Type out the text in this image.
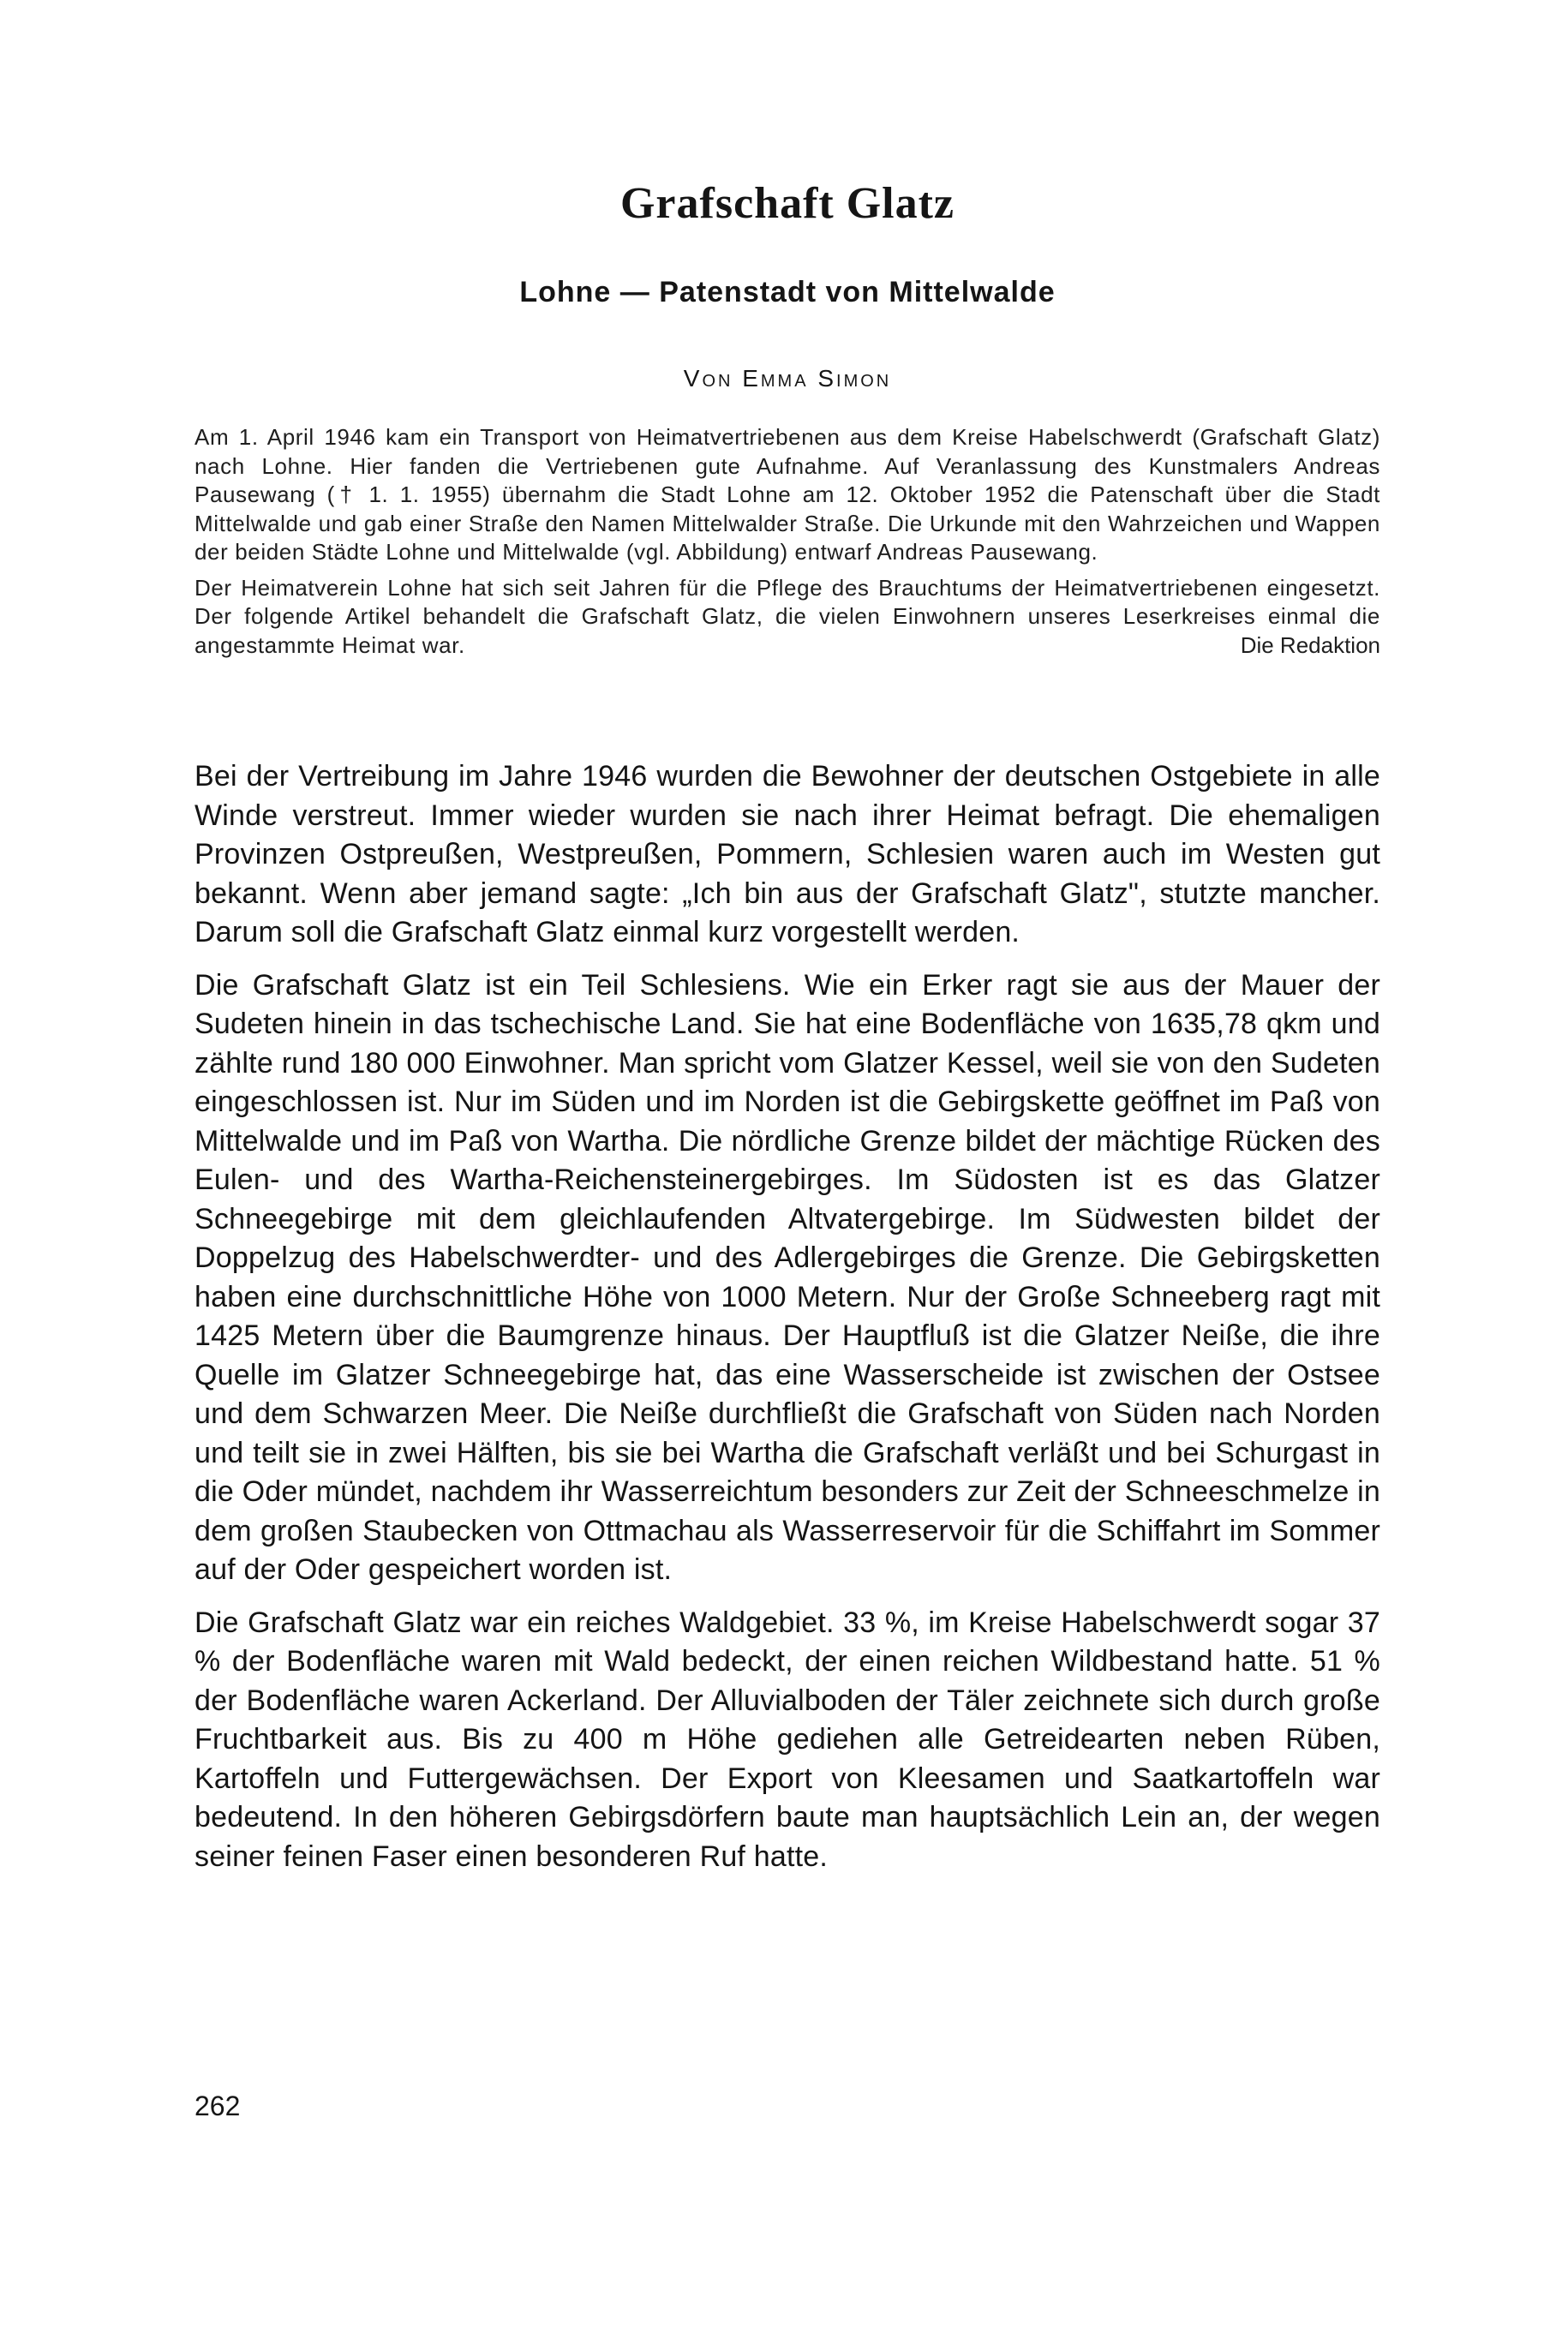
Grafschaft Glatz
Lohne — Patenstadt von Mittelwalde
Von Emma Simon

Am 1. April 1946 kam ein Transport von Heimatvertriebenen aus dem Kreise Habelschwerdt (Grafschaft Glatz) nach Lohne. Hier fanden die Vertriebenen gute Aufnahme. Auf Veranlassung des Kunstmalers Andreas Pausewang († 1. 1. 1955) übernahm die Stadt Lohne am 12. Oktober 1952 die Patenschaft über die Stadt Mittelwalde und gab einer Straße den Namen Mittelwalder Straße. Die Urkunde mit den Wahrzeichen und Wappen der beiden Städte Lohne und Mittelwalde (vgl. Abbildung) entwarf Andreas Pausewang.

Der Heimatverein Lohne hat sich seit Jahren für die Pflege des Brauchtums der Heimatvertriebenen eingesetzt. Der folgende Artikel behandelt die Grafschaft Glatz, die vielen Einwohnern unseres Leserkreises einmal die angestammte Heimat war.	Die Redaktion

Bei der Vertreibung im Jahre 1946 wurden die Bewohner der deutschen Ostgebiete in alle Winde verstreut. Immer wieder wurden sie nach ihrer Heimat befragt. Die ehemaligen Provinzen Ostpreußen, Westpreußen, Pommern, Schlesien waren auch im Westen gut bekannt. Wenn aber jemand sagte: „Ich bin aus der Grafschaft Glatz", stutzte mancher. Darum soll die Grafschaft Glatz einmal kurz vorgestellt werden.

Die Grafschaft Glatz ist ein Teil Schlesiens. Wie ein Erker ragt sie aus der Mauer der Sudeten hinein in das tschechische Land. Sie hat eine Bodenfläche von 1635,78 qkm und zählte rund 180 000 Einwohner. Man spricht vom Glatzer Kessel, weil sie von den Sudeten eingeschlossen ist. Nur im Süden und im Norden ist die Gebirgskette geöffnet im Paß von Mittelwalde und im Paß von Wartha. Die nördliche Grenze bildet der mächtige Rücken des Eulen- und des Wartha-Reichensteinergebirges. Im Südosten ist es das Glatzer Schneegebirge mit dem gleichlaufenden Altvatergebirge. Im Südwesten bildet der Doppelzug des Habelschwerdter- und des Adlergebirges die Grenze. Die Gebirgsketten haben eine durchschnittliche Höhe von 1000 Metern. Nur der Große Schneeberg ragt mit 1425 Metern über die Baumgrenze hinaus. Der Hauptfluß ist die Glatzer Neiße, die ihre Quelle im Glatzer Schneegebirge hat, das eine Wasserscheide ist zwischen der Ostsee und dem Schwarzen Meer. Die Neiße durchfließt die Grafschaft von Süden nach Norden und teilt sie in zwei Hälften, bis sie bei Wartha die Grafschaft verläßt und bei Schurgast in die Oder mündet, nachdem ihr Wasserreichtum besonders zur Zeit der Schneeschmelze in dem großen Staubecken von Ottmachau als Wasserreservoir für die Schiffahrt im Sommer auf der Oder gespeichert worden ist.

Die Grafschaft Glatz war ein reiches Waldgebiet. 33 %, im Kreise Habelschwerdt sogar 37 % der Bodenfläche waren mit Wald bedeckt, der einen reichen Wildbestand hatte. 51 % der Bodenfläche waren Ackerland. Der Alluvialboden der Täler zeichnete sich durch große Fruchtbarkeit aus. Bis zu 400 m Höhe gediehen alle Getreidearten neben Rüben, Kartoffeln und Futtergewächsen. Der Export von Kleesamen und Saatkartoffeln war bedeutend. In den höheren Gebirgsdörfern baute man hauptsächlich Lein an, der wegen seiner feinen Faser einen besonderen Ruf hatte.

262
